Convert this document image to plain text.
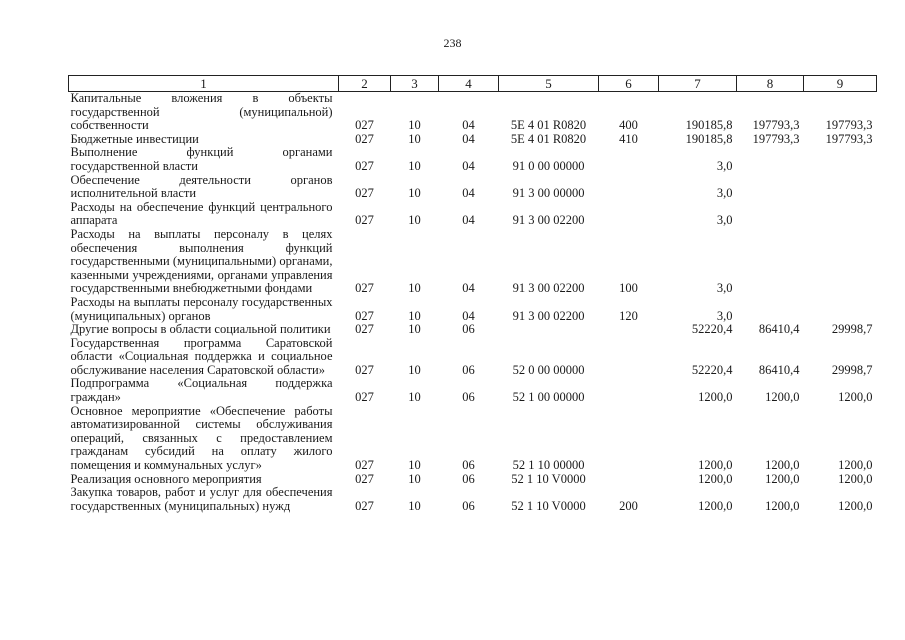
238
1	2	3	4	5	6	7	8	9
Капитальные вложения в объекты государственной (муниципальной) собственности	027	10	04	5Е 4 01 R0820	400	190185,8	197793,3	197793,3
Бюджетные инвестиции	027	10	04	5Е 4 01 R0820	410	190185,8	197793,3	197793,3
Выполнение функций органами государственной власти	027	10	04	91 0 00 00000		3,0		
Обеспечение деятельности органов исполнительной власти	027	10	04	91 3 00 00000		3,0		
Расходы на обеспечение функций центрального аппарата	027	10	04	91 3 00 02200		3,0		
Расходы на выплаты персоналу в целях обеспечения выполнения функций государственными (муниципальными) органами, казенными учреждениями, органами управления государственными внебюджетными фондами	027	10	04	91 3 00 02200	100	3,0		
Расходы на выплаты персоналу государственных (муниципальных) органов	027	10	04	91 3 00 02200	120	3,0		
Другие вопросы в области социальной политики	027	10	06			52220,4	86410,4	29998,7
Государственная программа Саратовской области «Социальная поддержка и социальное обслуживание населения Саратовской области»	027	10	06	52 0 00 00000		52220,4	86410,4	29998,7
Подпрограмма «Социальная поддержка граждан»	027	10	06	52 1 00 00000		1200,0	1200,0	1200,0
Основное мероприятие «Обеспечение работы автоматизированной системы обслуживания операций, связанных с предоставлением гражданам субсидий на оплату жилого помещения и коммунальных услуг»	027	10	06	52 1 10 00000		1200,0	1200,0	1200,0
Реализация основного мероприятия	027	10	06	52 1 10 V0000		1200,0	1200,0	1200,0
Закупка товаров, работ и услуг для обеспечения государственных (муниципальных) нужд	027	10	06	52 1 10 V0000	200	1200,0	1200,0	1200,0
